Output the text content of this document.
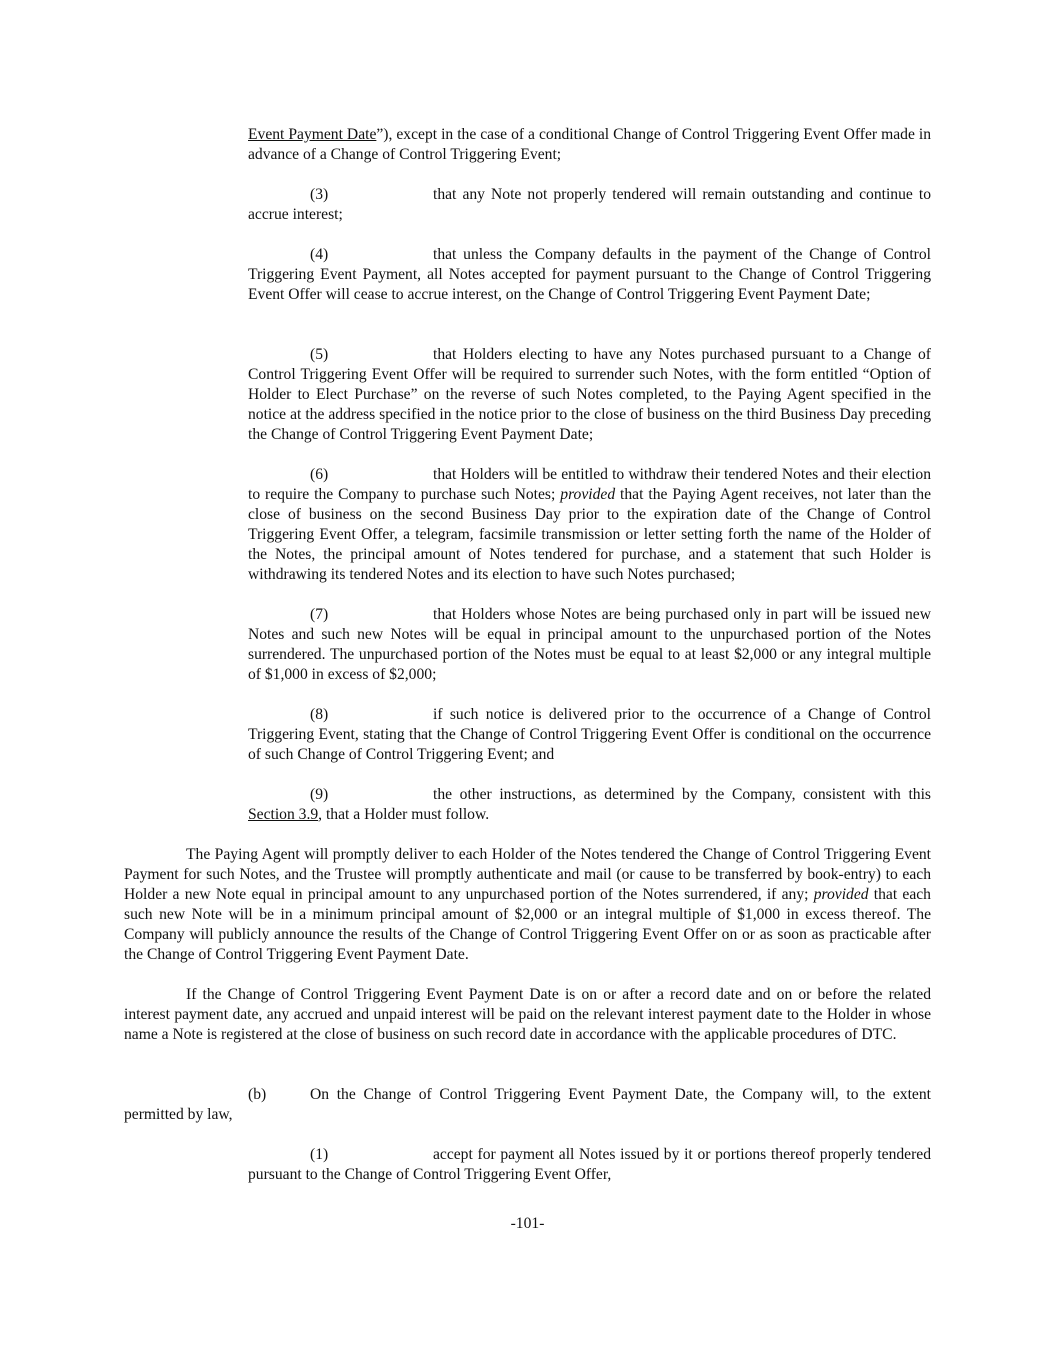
Event Payment Date”), except in the case of a conditional Change of Control Triggering Event Offer made in advance of a Change of Control Triggering Event;

(3)	that any Note not properly tendered will remain outstanding and continue to accrue interest;

(4)	that unless the Company defaults in the payment of the Change of Control Triggering Event Payment, all Notes accepted for payment pursuant to the Change of Control Triggering Event Offer will cease to accrue interest, on the Change of Control Triggering Event Payment Date;

(5)	that Holders electing to have any Notes purchased pursuant to a Change of Control Triggering Event Offer will be required to surrender such Notes, with the form entitled “Option of Holder to Elect Purchase” on the reverse of such Notes completed, to the Paying Agent specified in the notice at the address specified in the notice prior to the close of business on the third Business Day preceding the Change of Control Triggering Event Payment Date;

(6)	that Holders will be entitled to withdraw their tendered Notes and their election to require the Company to purchase such Notes; provided that the Paying Agent receives, not later than the close of business on the second Business Day prior to the expiration date of the Change of Control Triggering Event Offer, a telegram, facsimile transmission or letter setting forth the name of the Holder of the Notes, the principal amount of Notes tendered for purchase, and a statement that such Holder is withdrawing its tendered Notes and its election to have such Notes purchased;

(7)	that Holders whose Notes are being purchased only in part will be issued new Notes and such new Notes will be equal in principal amount to the unpurchased portion of the Notes surrendered. The unpurchased portion of the Notes must be equal to at least $2,000 or any integral multiple of $1,000 in excess of $2,000;

(8)	if such notice is delivered prior to the occurrence of a Change of Control Triggering Event, stating that the Change of Control Triggering Event Offer is conditional on the occurrence of such Change of Control Triggering Event; and

(9)	the other instructions, as determined by the Company, consistent with this Section 3.9, that a Holder must follow.

The Paying Agent will promptly deliver to each Holder of the Notes tendered the Change of Control Triggering Event Payment for such Notes, and the Trustee will promptly authenticate and mail (or cause to be transferred by book-entry) to each Holder a new Note equal in principal amount to any unpurchased portion of the Notes surrendered, if any; provided that each such new Note will be in a minimum principal amount of $2,000 or an integral multiple of $1,000 in excess thereof. The Company will publicly announce the results of the Change of Control Triggering Event Offer on or as soon as practicable after the Change of Control Triggering Event Payment Date.

If the Change of Control Triggering Event Payment Date is on or after a record date and on or before the related interest payment date, any accrued and unpaid interest will be paid on the relevant interest payment date to the Holder in whose name a Note is registered at the close of business on such record date in accordance with the applicable procedures of DTC.

(b)	On the Change of Control Triggering Event Payment Date, the Company will, to the extent permitted by law,

(1)	accept for payment all Notes issued by it or portions thereof properly tendered pursuant to the Change of Control Triggering Event Offer,

-101-
